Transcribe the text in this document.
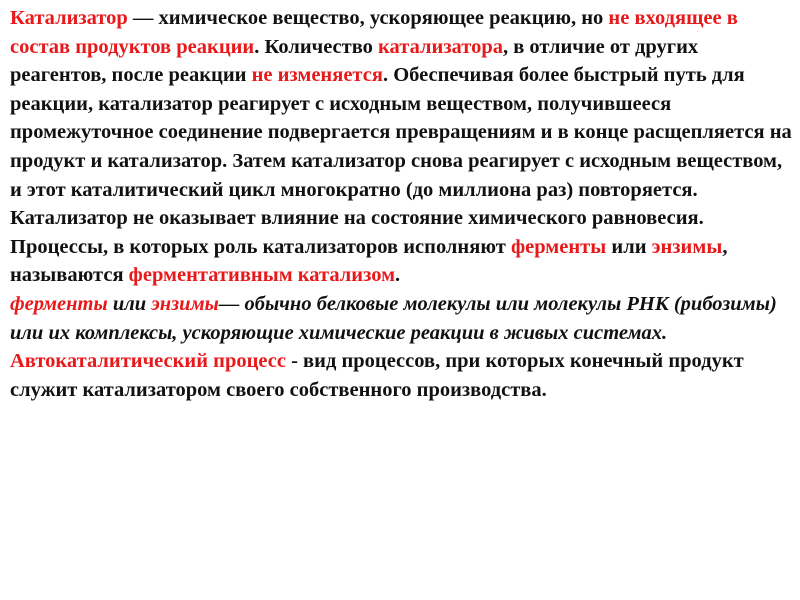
Катализатор — химическое вещество, ускоряющее реакцию, но не входящее в состав продуктов реакции. Количество катализатора, в отличие от других реагентов, после реакции не изменяется. Обеспечивая более быстрый путь для реакции, катализатор реагирует с исходным веществом, получившееся промежуточное соединение подвергается превращениям и в конце расщепляется на продукт и катализатор. Затем катализатор снова реагирует с исходным веществом, и этот каталитический цикл многократно (до миллиона раз) повторяется. Катализатор не оказывает влияние на состояние химического равновесия. Процессы, в которых роль катализаторов исполняют ферменты или энзимы, называются ферментативным катализом.

ферменты или энзимы— обычно белковые молекулы или молекулы РНК (рибозимы) или их комплексы, ускоряющие химические реакции в живых системах.

Автокаталитический процесс - вид процессов, при которых конечный продукт служит катализатором своего собственного производства.
